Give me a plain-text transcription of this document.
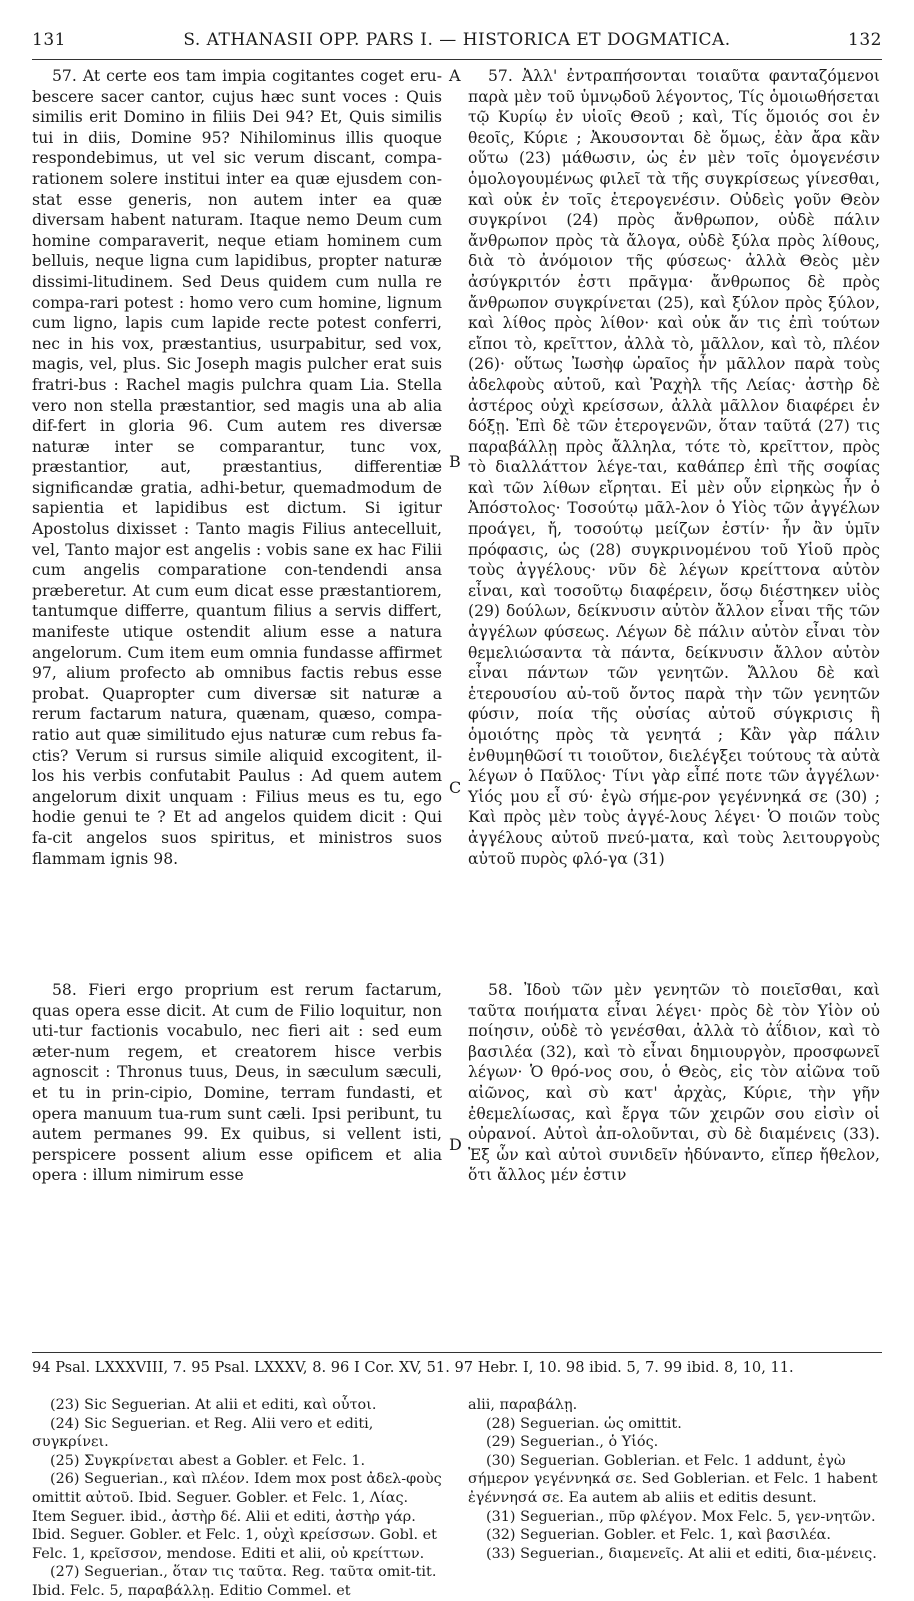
131	S. ATHANASII OPP. PARS I. — HISTORICA ET DOGMATICA.	132

57. At certe eos tam impia cogitantes coget eru-bescere sacer cantor, cujus hæc sunt voces : Quis similis erit Domino in filiis Dei 94? Et, Quis similis tui in diis, Domine 95? Nihilominus illis quoque respondebimus, ut vel sic verum discant, compa-rationem solere institui inter ea quæ ejusdem con-stat esse generis, non autem inter ea quæ diversam habent naturam. Itaque nemo Deum cum homine comparaverit, neque etiam hominem cum belluis, neque ligna cum lapidibus, propter naturæ dissimi-litudinem. Sed Deus quidem cum nulla re compa-rari potest : homo vero cum homine, lignum cum ligno, lapis cum lapide recte potest conferri, nec in his vox, præstantius, usurpabitur, sed vox, magis, vel, plus. Sic Joseph magis pulcher erat suis fratri-bus : Rachel magis pulchra quam Lia. Stella vero non stella præstantior, sed magis una ab alia dif-fert in gloria 96. Cum autem res diversæ naturæ inter se comparantur, tunc vox, præstantior, aut, præstantius, differentiæ significandæ gratia, adhi-betur, quemadmodum de sapientia et lapidibus est dictum. Si igitur Apostolus dixisset : Tanto magis Filius antecelluit, vel, Tanto major est angelis : vobis sane ex hac Filii cum angelis comparatione con-tendendi ansa præberetur. At cum eum dicat esse præstantiorem, tantumque differre, quantum filius a servis differt, manifeste utique ostendit alium esse a natura angelorum. Cum item eum omnia fundasse affirmet 97, alium profecto ab omnibus factis rebus esse probat. Quapropter cum diversæ sit naturæ a rerum factarum natura, quænam, quæso, compa-ratio aut quæ similitudo ejus naturæ cum rebus fa-ctis? Verum si rursus simile aliquid excogitent, il-los his verbis confutabit Paulus : Ad quem autem angelorum dixit unquam : Filius meus es tu, ego hodie genui te ? Et ad angelos quidem dicit : Qui fa-cit angelos suos spiritus, et ministros suos flammam ignis 98.

57. Ἀλλ' ἐντραπήσονται τοιαῦτα φανταζόμενοι παρὰ μὲν τοῦ ὑμνῳδοῦ λέγοντος, Τίς ὁμοιωθήσεται τῷ Κυρίῳ ἐν υἱοῖς Θεοῦ ; καὶ, Τίς ὅμοιός σοι ἐν θεοῖς, Κύριε ; Ἀκουσονται δὲ ὅμως, ἐὰν ἄρα κἂν οὕτω (23) μάθωσιν, ὡς ἐν μὲν τοῖς ὁμογενέσιν ὁμολογουμένως φιλεῖ τὰ τῆς συγκρίσεως γίνεσθαι, καὶ οὐκ ἐν τοῖς ἑτερογενέσιν. Οὐδεὶς γοῦν Θεὸν συγκρίνοι (24) πρὸς ἄνθρωπον, οὐδὲ πάλιν ἄνθρωπον πρὸς τὰ ἄλογα, οὐδὲ ξύλα πρὸς λίθους, διὰ τὸ ἀνόμοιον τῆς φύσεως· ἀλλὰ Θεὸς μὲν ἀσύγκριτόν ἐστι πρᾶγμα· ἄνθρωπος δὲ πρὸς ἄνθρωπον συγκρίνεται (25), καὶ ξύλον πρὸς ξύλον, καὶ λίθος πρὸς λίθον· καὶ οὐκ ἄν τις ἐπὶ τούτων εἴποι τὸ, κρεῖττον, ἀλλὰ τὸ, μᾶλλον, καὶ τὸ, πλέον (26)· οὕτως Ἰωσὴφ ὡραῖος ἦν μᾶλλον παρὰ τοὺς ἀδελφοὺς αὐτοῦ, καὶ Ῥαχὴλ τῆς Λείας· ἀστὴρ δὲ ἀστέρος οὐχὶ κρείσσων, ἀλλὰ μᾶλλον διαφέρει ἐν δόξῃ. Ἐπὶ δὲ τῶν ἑτερογενῶν, ὅταν ταῦτά (27) τις παραβάλλῃ πρὸς ἄλληλα, τότε τὸ, κρεῖττον, πρὸς τὸ διαλλάττον λέγε-ται, καθάπερ ἐπὶ τῆς σοφίας καὶ τῶν λίθων εἴρηται. Εἰ μὲν οὖν εἰρηκὼς ἦν ὁ Ἀπόστολος· Τοσούτῳ μᾶλ-λον ὁ Υἱὸς τῶν ἀγγέλων προάγει, ἤ, τοσούτῳ μείζων ἐστίν· ἦν ἂν ὑμῖν πρόφασις, ὡς (28) συγκρινομένου τοῦ Υἱοῦ πρὸς τοὺς ἀγγέλους· νῦν δὲ λέγων κρείττονα αὐτὸν εἶναι, καὶ τοσοῦτῳ διαφέρειν, ὅσῳ διέστηκεν υἱὸς (29) δούλων, δείκνυσιν αὐτὸν ἄλλον εἶναι τῆς τῶν ἀγγέλων φύσεως. Λέγων δὲ πάλιν αὐτὸν εἶναι τὸν θεμελιώσαντα τὰ πάντα, δείκνυσιν ἄλλον αὐτὸν εἶναι πάντων τῶν γενητῶν. Ἄλλου δὲ καὶ ἑτερουσίου αὐ-τοῦ ὄντος παρὰ τὴν τῶν γενητῶν φύσιν, ποία τῆς οὐσίας αὐτοῦ σύγκρισις ἢ ὁμοιότης πρὸς τὰ γενητά ; Κἂν γὰρ πάλιν ἐνθυμηθῶσί τι τοιοῦτον, διελέγξει τούτους τὰ αὐτὰ λέγων ὁ Παῦλος· Τίνι γὰρ εἶπέ ποτε τῶν ἀγγέλων· Υἱός μου εἶ σύ· ἐγὼ σήμε-ρον γεγέννηκά σε (30) ; Καὶ πρὸς μὲν τοὺς ἀγγέ-λους λέγει· Ὁ ποιῶν τοὺς ἀγγέλους αὐτοῦ πνεύ-ματα, καὶ τοὺς λειτουργοὺς αὐτοῦ πυρὸς φλό-γα (31)

58. Fieri ergo proprium est rerum factarum, quas opera esse dicit. At cum de Filio loquitur, non uti-tur factionis vocabulo, nec fieri ait : sed eum æter-num regem, et creatorem hisce verbis agnoscit : Thronus tuus, Deus, in sæculum sæculi, et tu in prin-cipio, Domine, terram fundasti, et opera manuum tua-rum sunt cæli. Ipsi peribunt, tu autem permanes 99. Ex quibus, si vellent isti, perspicere possent alium esse opificem et alia opera : illum nimirum esse

58. Ἰδοὺ τῶν μὲν γενητῶν τὸ ποιεῖσθαι, καὶ ταῦτα ποιήματα εἶναι λέγει· πρὸς δὲ τὸν Υἱὸν οὐ ποίησιν, οὐδὲ τὸ γενέσθαι, ἀλλὰ τὸ ἀΐδιον, καὶ τὸ βασιλέα (32), καὶ τὸ εἶναι δημιουργὸν, προσφωνεῖ λέγων· Ὁ θρό-νος σου, ὁ Θεὸς, εἰς τὸν αἰῶνα τοῦ αἰῶνος, καὶ σὺ κατ' ἀρχὰς, Κύριε, τὴν γῆν ἐθεμελίωσας, καὶ ἔργα τῶν χειρῶν σου εἰσὶν οἱ οὐρανοί. Αὐτοὶ ἀπ-ολοῦνται, σὺ δὲ διαμένεις (33). Ἐξ ὧν καὶ αὐτοὶ συνιδεῖν ἠδύναντο, εἴπερ ἤθελον, ὅτι ἄλλος μέν ἐστιν

A
B
C
D
94 Psal. LXXXVIII, 7. 95 Psal. LXXXV, 8. 96 I Cor. XV, 51. 97 Hebr. I, 10. 98 ibid. 5, 7. 99 ibid. 8, 10, 11.
(23) Sic Seguerian. At alii et editi, καὶ οὗτοι.
(24) Sic Seguerian. et Reg. Alii vero et editi, συγκρίνει.
(25) Συγκρίνεται abest a Gobler. et Felc. 1.
(26) Seguerian., καὶ πλέον. Idem mox post ἀδελ-φοὺς omittit αὐτοῦ. Ibid. Seguer. Gobler. et Felc. 1, Λίας. Item Seguer. ibid., ἀστὴρ δέ. Alii et editi, ἀστὴρ γάρ. Ibid. Seguer. Gobler. et Felc. 1, οὐχὶ κρείσσων. Gobl. et Felc. 1, κρεῖσσον, mendose. Editi et alii, οὐ κρείττων.
(27) Seguerian., ὅταν τις ταῦτα. Reg. ταῦτα omit-tit. Ibid. Felc. 5, παραβάλλῃ. Editio Commel. et
alii, παραβάλῃ.
(28) Seguerian. ὡς omittit.
(29) Seguerian., ὁ Υἱός.
(30) Seguerian. Goblerian. et Felc. 1 addunt, ἐγὼ σήμερον γεγέννηκά σε. Sed Goblerian. et Felc. 1 habent ἐγέννησά σε. Ea autem ab aliis et editis desunt.
(31) Seguerian., πῦρ φλέγον. Mox Felc. 5, γεν-νητῶν.
(32) Seguerian. Gobler. et Felc. 1, καὶ βασιλέα.
(33) Seguerian., διαμενεῖς. At alii et editi, δια-μένεις.
